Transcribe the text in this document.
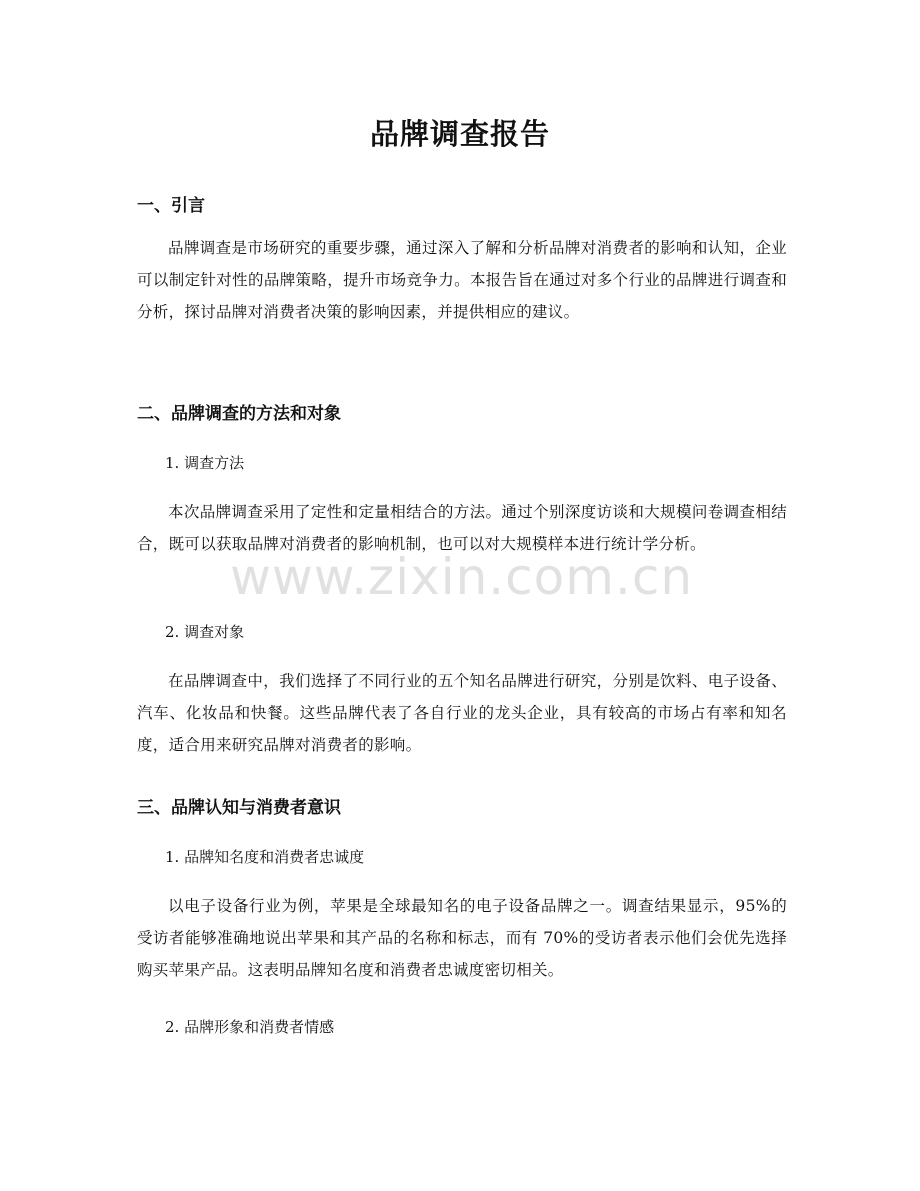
品牌调查报告
一、引言

品牌调查是市场研究的重要步骤，通过深入了解和分析品牌对消费者的影响和认知，企业可以制定针对性的品牌策略，提升市场竞争力。本报告旨在通过对多个行业的品牌进行调查和分析，探讨品牌对消费者决策的影响因素，并提供相应的建议。

二、品牌调查的方法和对象

1. 调查方法

本次品牌调查采用了定性和定量相结合的方法。通过个别深度访谈和大规模问卷调查相结合，既可以获取品牌对消费者的影响机制，也可以对大规模样本进行统计学分析。

2. 调查对象

在品牌调查中，我们选择了不同行业的五个知名品牌进行研究，分别是饮料、电子设备、汽车、化妆品和快餐。这些品牌代表了各自行业的龙头企业，具有较高的市场占有率和知名度，适合用来研究品牌对消费者的影响。

三、品牌认知与消费者意识

1. 品牌知名度和消费者忠诚度

以电子设备行业为例，苹果是全球最知名的电子设备品牌之一。调查结果显示，95%的受访者能够准确地说出苹果和其产品的名称和标志，而有 70%的受访者表示他们会优先选择购买苹果产品。这表明品牌知名度和消费者忠诚度密切相关。

2. 品牌形象和消费者情感

www.zixin.com.cn
